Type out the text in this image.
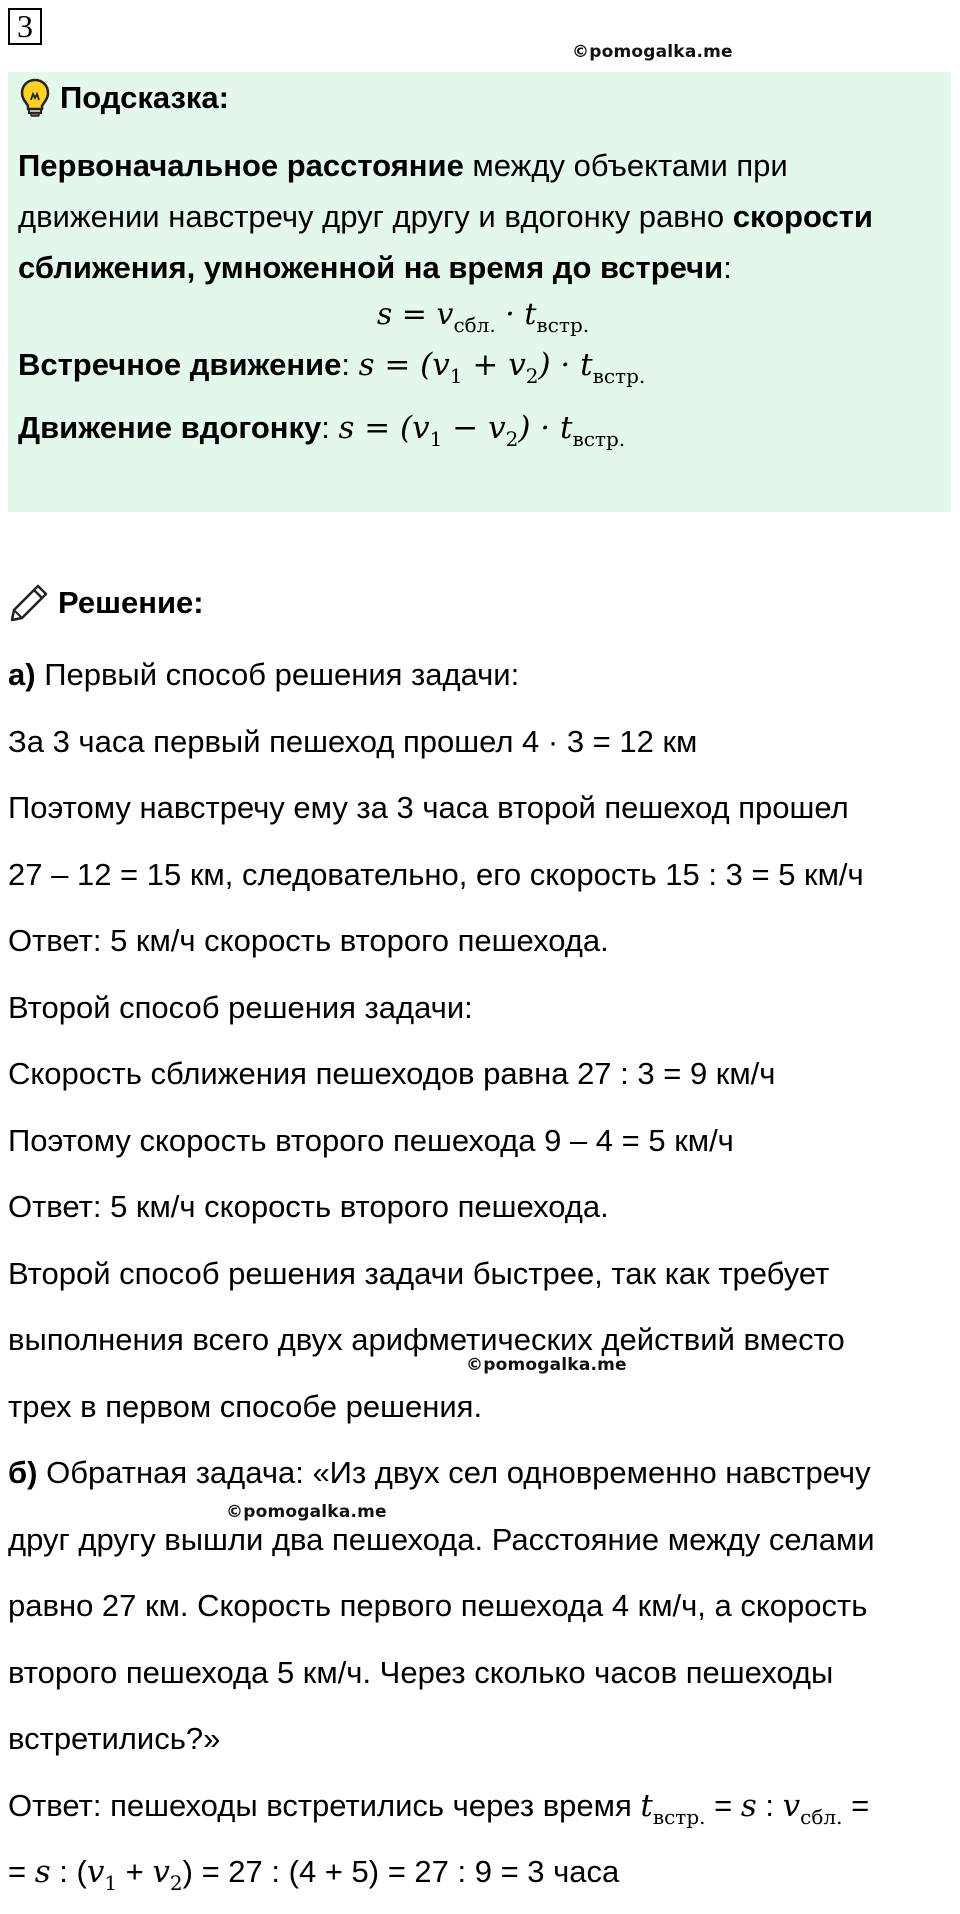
3
©pomogalka.me
Подсказка:
Первоначальное расстояние между объектами при
движении навстречу друг другу и вдогонку равно скорости
сближения, умноженной на время до встречи:
$s = v_{сбл.} \cdot t_{встр.}$
Встречное движение: $s = (v_1 + v_2) \cdot t_{встр.}$
Движение вдогонку: $s = (v_1 - v_2) \cdot t_{встр.}$
Решение:
а) Первый способ решения задачи:
За 3 часа первый пешеход прошел 4 · 3 = 12 км
Поэтому навстречу ему за 3 часа второй пешеход прошел
27 – 12 = 15 км, следовательно, его скорость 15 : 3 = 5 км/ч
Ответ: 5 км/ч скорость второго пешехода.
Второй способ решения задачи:
Скорость сближения пешеходов равна 27 : 3 = 9 км/ч
Поэтому скорость второго пешехода 9 – 4 = 5 км/ч
Ответ: 5 км/ч скорость второго пешехода.
Второй способ решения задачи быстрее, так как требует
выполнения всего двух арифметических действий вместо
трех в первом способе решения.
б) Обратная задача: «Из двух сел одновременно навстречу
друг другу вышли два пешехода. Расстояние между селами
равно 27 км. Скорость первого пешехода 4 км/ч, а скорость
второго пешехода 5 км/ч. Через сколько часов пешеходы
встретились?»
Ответ: пешеходы встретились через время $t_{встр.} = s$ : $v_{сбл.}$ =
= s : $(v_1 + v_2) = 27$ : (4 + 5) = 27 : 9 = 3 часа
©pomogalka.me
©pomogalka.me
